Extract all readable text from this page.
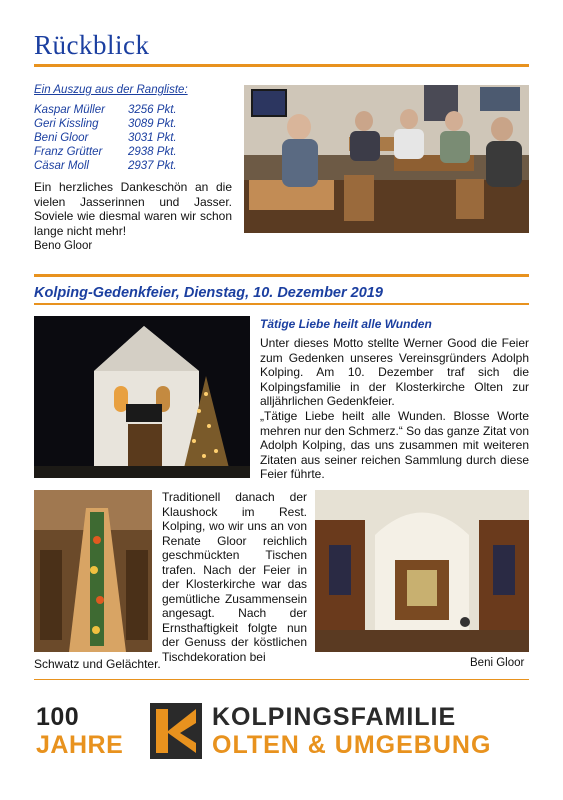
Rückblick
Ein Auszug aus der Rangliste:
Kaspar Müller 3256 Pkt.
Geri Kissling	3089 Pkt.
Beni Gloor	3031 Pkt.
Franz Grütter 2938 Pkt.
Cäsar Moll	2937 Pkt.
Ein herzliches Dankeschön an die vielen Jasserinnen und Jasser. Soviele wie diesmal waren wir schon lange nicht mehr!
Beno Gloor
Kolping-Gedenkfeier, Dienstag, 10. Dezember 2019
Tätige Liebe heilt alle Wunden
Unter dieses Motto stellte Werner Good die Feier zum Gedenken unseres Vereinsgründers Adolph Kolping. Am 10. Dezember traf sich die Kolpingsfamilie in der Klosterkirche Olten zur alljährlichen Gedenkfeier.
„Tätige Liebe heilt alle Wunden. Blosse Worte mehren nur den Schmerz.“ So das ganze Zitat von Adolph Kolping, das uns zusammen mit weiteren Zitaten aus seiner reichen Sammlung durch diese Feier führte.
Traditionell danach der Klaushock im Rest. Kolping, wo wir uns an von Renate Gloor reichlich geschmückten Tischen trafen. Nach der Feier in der Klosterkirche war das gemütliche Zusammensein angesagt. Nach der Ernsthaftigkeit folgte nun der Genuss der köstlichen Tischdekoration bei
Schwatz und Gelächter.	Beni Gloor
100
JAHRE
KOLPINGSFAMILIE
OLTEN & UMGEBUNG
